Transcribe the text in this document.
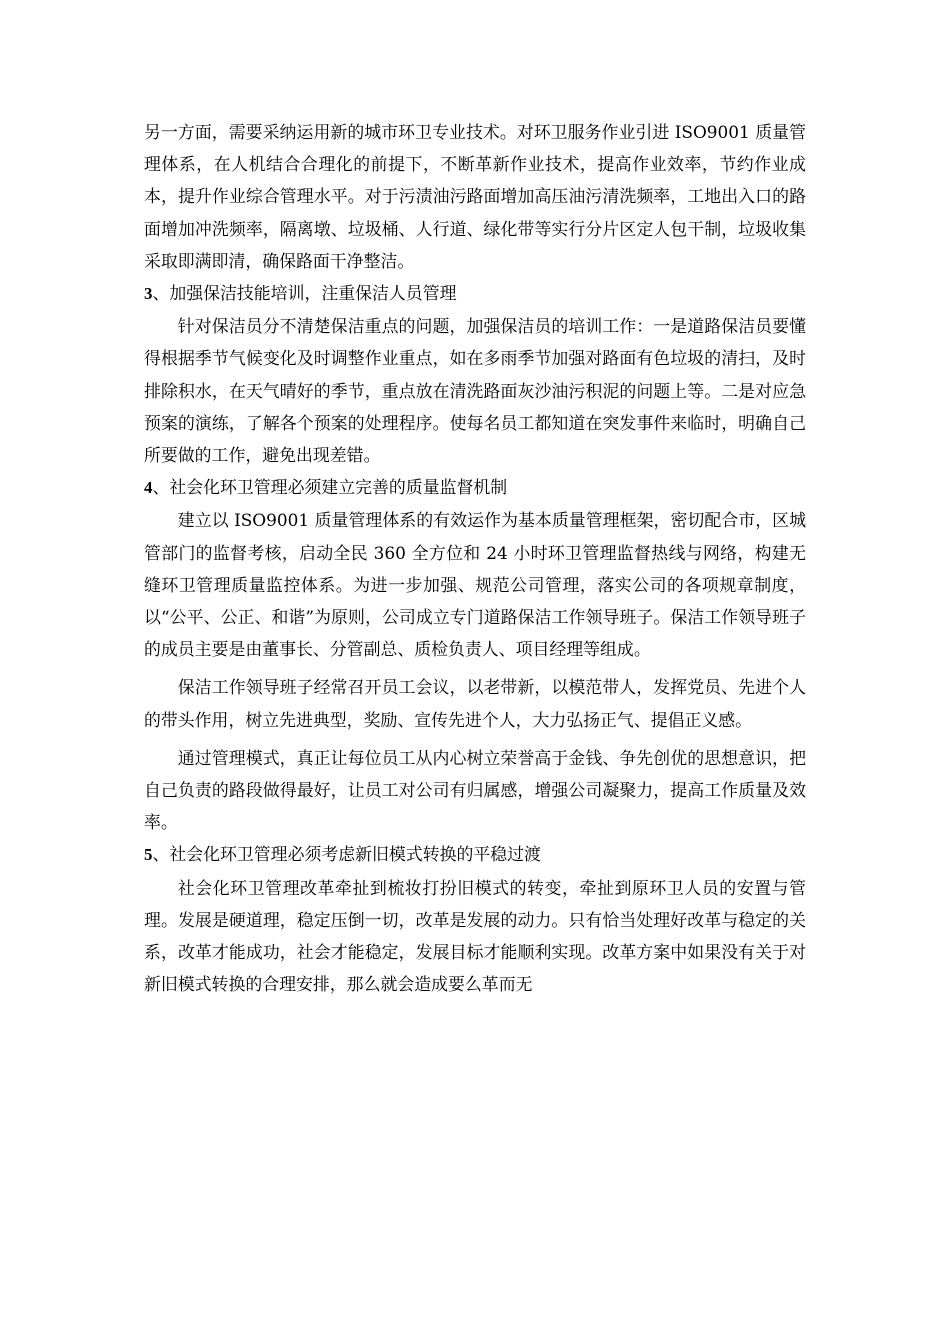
另一方面，需要采纳运用新的城市环卫专业技术。对环卫服务作业引进 ISO9001 质量管理体系，在人机结合合理化的前提下，不断革新作业技术，提高作业效率，节约作业成本，提升作业综合管理水平。对于污渍油污路面增加高压油污清洗频率，工地出入口的路面增加冲洗频率，隔离墩、垃圾桶、人行道、绿化带等实行分片区定人包干制，垃圾收集采取即满即清，确保路面干净整洁。

3、加强保洁技能培训，注重保洁人员管理

针对保洁员分不清楚保洁重点的问题，加强保洁员的培训工作：一是道路保洁员要懂得根据季节气候变化及时调整作业重点，如在多雨季节加强对路面有色垃圾的清扫，及时排除积水，在天气晴好的季节，重点放在清洗路面灰沙油污积泥的问题上等。二是对应急预案的演练，了解各个预案的处理程序。使每名员工都知道在突发事件来临时，明确自己所要做的工作，避免出现差错。

4、社会化环卫管理必须建立完善的质量监督机制

建立以 ISO9001 质量管理体系的有效运作为基本质量管理框架，密切配合市，区城管部门的监督考核，启动全民 360 全方位和 24 小时环卫管理监督热线与网络，构建无缝环卫管理质量监控体系。为进一步加强、规范公司管理，落实公司的各项规章制度，以“公平、公正、和谐”为原则，公司成立专门道路保洁工作领导班子。保洁工作领导班子的成员主要是由董事长、分管副总、质检负责人、项目经理等组成。

保洁工作领导班子经常召开员工会议，以老带新，以模范带人，发挥党员、先进个人的带头作用，树立先进典型，奖励、宣传先进个人，大力弘扬正气、提倡正义感。

通过管理模式，真正让每位员工从内心树立荣誉高于金钱、争先创优的思想意识，把自己负责的路段做得最好，让员工对公司有归属感，增强公司凝聚力，提高工作质量及效率。

5、社会化环卫管理必须考虑新旧模式转换的平稳过渡

社会化环卫管理改革牵扯到梳妆打扮旧模式的转变，牵扯到原环卫人员的安置与管理。发展是硬道理，稳定压倒一切，改革是发展的动力。只有恰当处理好改革与稳定的关系，改革才能成功，社会才能稳定，发展目标才能顺利实现。改革方案中如果没有关于对新旧模式转换的合理安排，那么就会造成要么革而无
